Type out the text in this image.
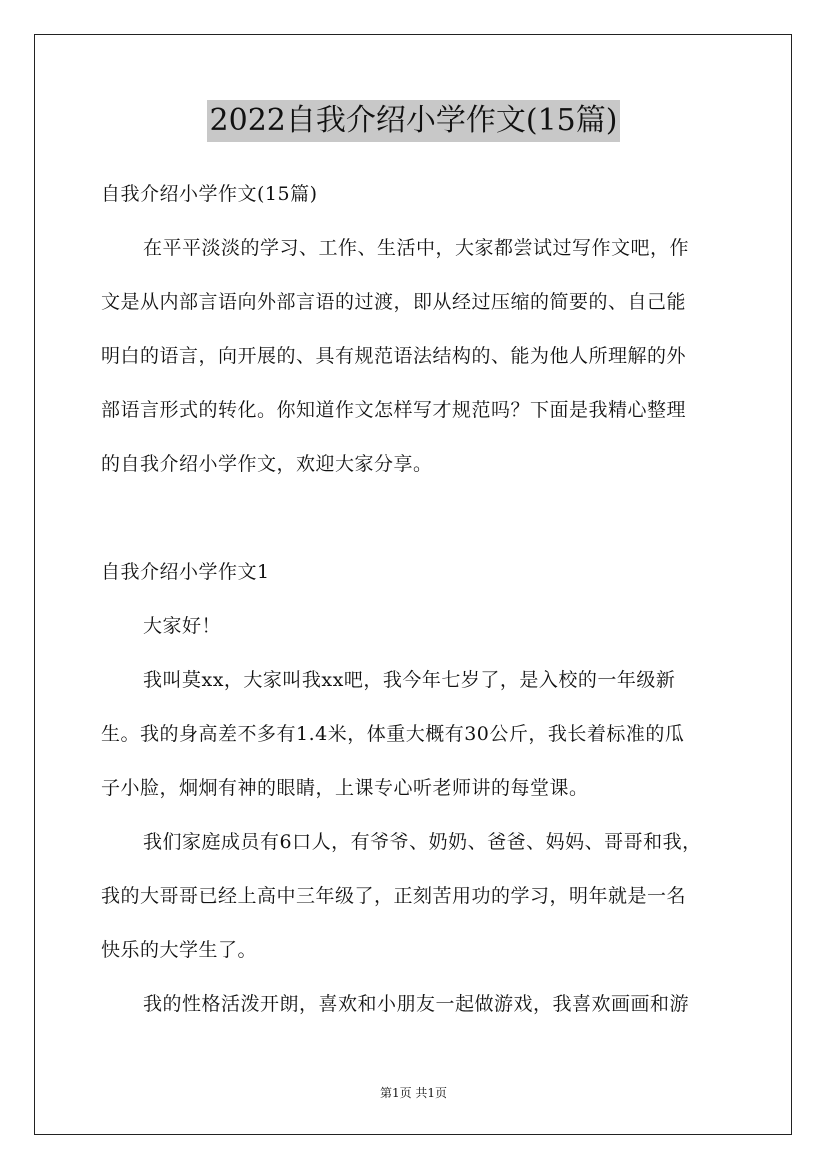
2022自我介绍小学作文(15篇)
自我介绍小学作文(15篇)
在平平淡淡的学习、工作、生活中，大家都尝试过写作文吧，作
文是从内部言语向外部言语的过渡，即从经过压缩的简要的、自己能
明白的语言，向开展的、具有规范语法结构的、能为他人所理解的外
部语言形式的转化。你知道作文怎样写才规范吗？下面是我精心整理
的自我介绍小学作文，欢迎大家分享。
自我介绍小学作文1
大家好！
我叫莫xx，大家叫我xx吧，我今年七岁了，是入校的一年级新
生。我的身高差不多有1.4米，体重大概有30公斤，我长着标准的瓜
子小脸，炯炯有神的眼睛，上课专心听老师讲的每堂课。
我们家庭成员有6口人，有爷爷、奶奶、爸爸、妈妈、哥哥和我，
我的大哥哥已经上高中三年级了，正刻苦用功的学习，明年就是一名
快乐的大学生了。
我的性格活泼开朗，喜欢和小朋友一起做游戏，我喜欢画画和游
第1页 共1页
